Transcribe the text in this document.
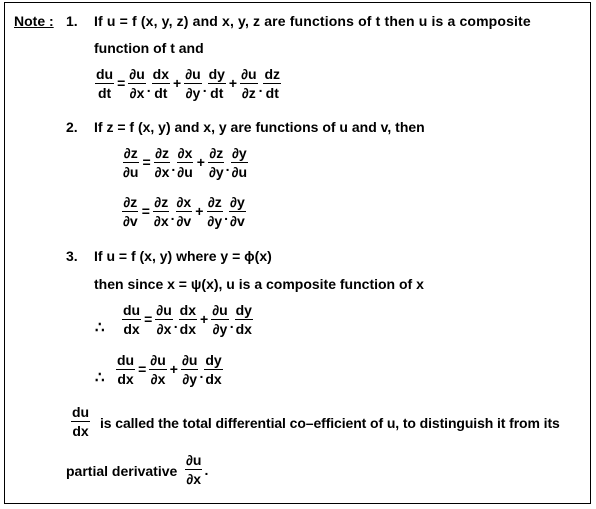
Note : 1. If u = f (x, y, z) and x, y, z are functions of t then u is a composite
function of t and
$\frac{du}{dt} = \frac{\partial u}{\partial x}$ . $\frac{dx}{dt} + \frac{\partial u}{\partial y}$ . $\frac{dy}{dt} + \frac{\partial u}{\partial z}$ . $\frac{dz}{dt}$
2. If z = f (x, y) and x, y are functions of u and v, then
$\frac{\partial z}{\partial u} = \frac{\partial z}{\partial x}$ . $\frac{\partial x}{\partial u} + \frac{\partial z}{\partial y}$ . $\frac{\partial y}{\partial u}$
$\frac{\partial z}{\partial v} = \frac{\partial z}{\partial x}$ . $\frac{\partial x}{\partial v} + \frac{\partial z}{\partial y}$ . $\frac{\partial y}{\partial v}$
3. If u = f (x, y) where y = ϕ(x)
then since x = ψ(x), u is a composite function of x
∴ $\frac{du}{dx} = \frac{\partial u}{\partial x}$ . $\frac{dx}{dx} + \frac{\partial u}{\partial y}$ . $\frac{dy}{dx}$
∴ $\frac{du}{dx} = \frac{\partial u}{\partial x} + \frac{\partial u}{\partial y}$ . $\frac{dy}{dx}$
$\frac{du}{dx}$ is called the total differential co–efficient of u, to distinguish it from its
partial derivative $\frac{\partial u}{\partial x}$ .
